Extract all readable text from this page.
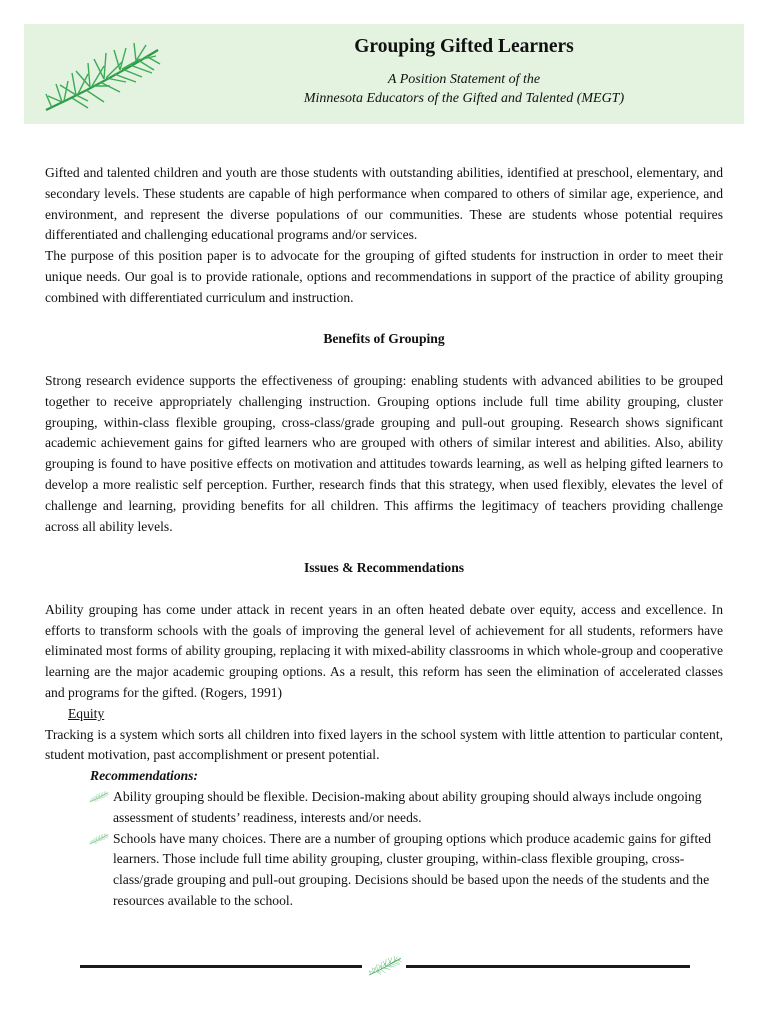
Grouping Gifted Learners
A Position Statement of the
Minnesota Educators of the Gifted and Talented (MEGT)

Gifted and talented children and youth are those students with outstanding abilities, identified at preschool, elementary, and secondary levels. These students are capable of high performance when compared to others of similar age, experience, and environment, and represent the diverse populations of our communities. These are students whose potential requires differentiated and challenging educational programs and/or services.

The purpose of this position paper is to advocate for the grouping of gifted students for instruction in order to meet their unique needs. Our goal is to provide rationale, options and recommendations in support of the practice of ability grouping combined with differentiated curriculum and instruction.

Benefits of Grouping

Strong research evidence supports the effectiveness of grouping: enabling students with advanced abilities to be grouped together to receive appropriately challenging instruction. Grouping options include full time ability grouping, cluster grouping, within-class flexible grouping, cross-class/grade grouping and pull-out grouping. Research shows significant academic achievement gains for gifted learners who are grouped with others of similar interest and abilities. Also, ability grouping is found to have positive effects on motivation and attitudes towards learning, as well as helping gifted learners to develop a more realistic self perception. Further, research finds that this strategy, when used flexibly, elevates the level of challenge and learning, providing benefits for all children. This affirms the legitimacy of teachers providing challenge across all ability levels.

Issues & Recommendations

Ability grouping has come under attack in recent years in an often heated debate over equity, access and excellence. In efforts to transform schools with the goals of improving the general level of achievement for all students, reformers have eliminated most forms of ability grouping, replacing it with mixed-ability classrooms in which whole-group and cooperative learning are the major academic grouping options. As a result, this reform has seen the elimination of accelerated classes and programs for the gifted. (Rogers, 1991)

Equity

Tracking is a system which sorts all children into fixed layers in the school system with little attention to particular content, student motivation, past accomplishment or present potential.

Recommendations:
Ability grouping should be flexible. Decision-making about ability grouping should always include ongoing assessment of students’ readiness, interests and/or needs.
Schools have many choices. There are a number of grouping options which produce academic gains for gifted learners. Those include full time ability grouping, cluster grouping, within-class flexible grouping, cross-class/grade grouping and pull-out grouping. Decisions should be based upon the needs of the students and the resources available to the school.
